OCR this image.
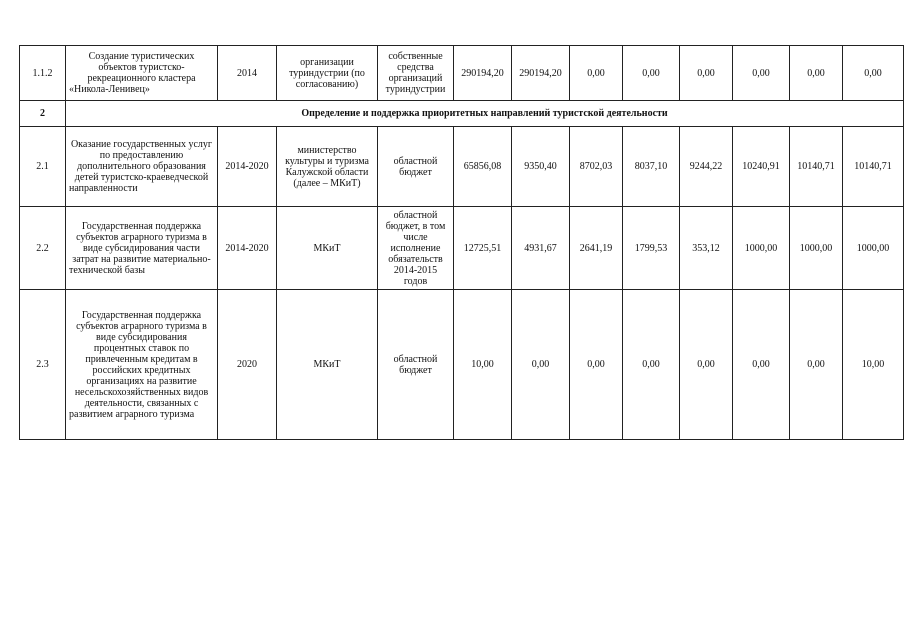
1.1.2	Создание туристических объектов туристско-рекреационного кластера «Никола-Ленивец»	2014	организации туриндустрии (по согласованию)	собственные средства организаций туриндустрии	290194,20	290194,20	0,00	0,00	0,00	0,00	0,00	0,00
2	Определение и поддержка приоритетных направлений туристской деятельности											
2.1	Оказание государственных услуг по предоставлению дополнительного образования детей туристско-краеведческой направленности	2014-2020	министерство культуры и туризма Калужской области (далее – МКиТ)	областной бюджет	65856,08	9350,40	8702,03	8037,10	9244,22	10240,91	10140,71	10140,71
2.2	Государственная поддержка субъектов аграрного туризма в виде субсидирования части затрат на развитие материально-технической базы	2014-2020	МКиТ	областной бюджет, в том числе исполнение обязательств 2014-2015 годов	12725,51	4931,67	2641,19	1799,53	353,12	1000,00	1000,00	1000,00
2.3	Государственная поддержка субъектов аграрного туризма в виде субсидирования процентных ставок по привлеченным кредитам в российских кредитных организациях на развитие несельскохозяйственных видов деятельности, связанных с развитием аграрного туризма	2020	МКиТ	областной бюджет	10,00	0,00	0,00	0,00	0,00	0,00	0,00	10,00
